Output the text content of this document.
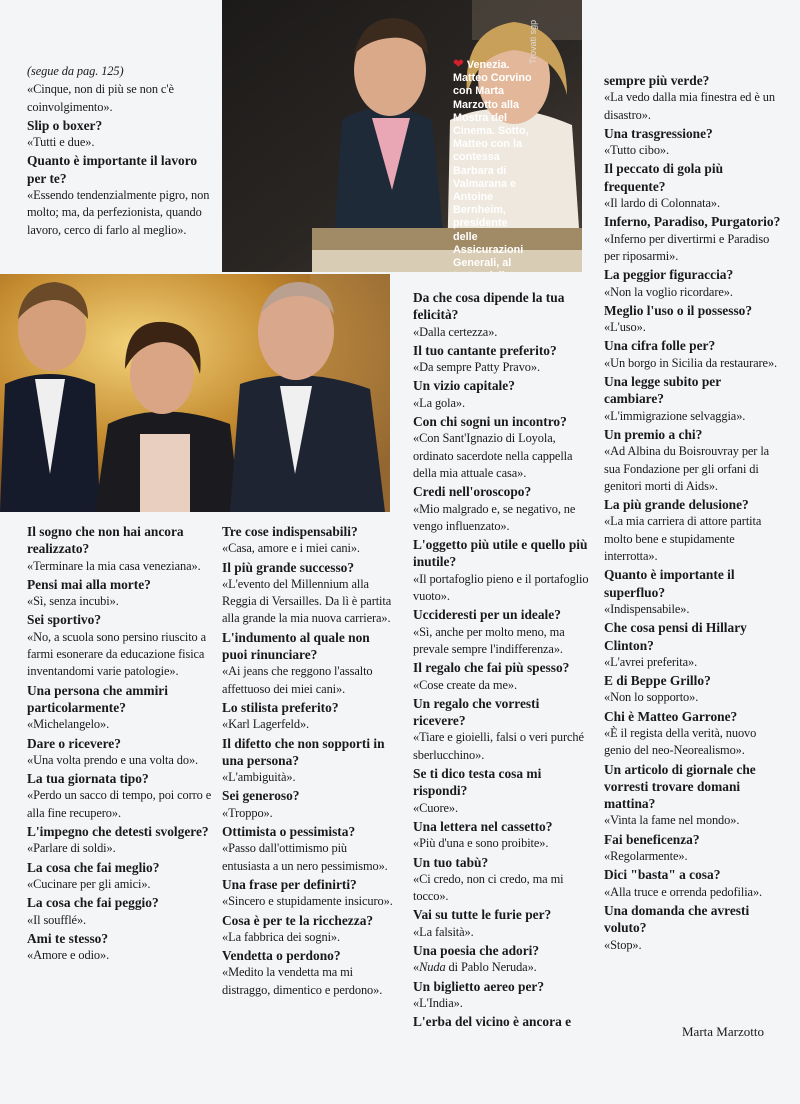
❤ Venezia. Matteo Corvino con Marta Marzotto alla Mostra del Cinema. Sotto, Matteo con la contessa Barbara di Valmarana e Antoine Bernheim, presidente delle Assicurazioni Generali, al
Trovati sgp
(segue da pag. 125)

«Cinque, non di più se non c'è coinvolgimento».

Slip o boxer?

«Tutti e due».

Quanto è importante il lavoro per te?

«Essendo tendenzialmente pigro, non molto; ma, da perfezionista, quando lavoro, cerco di farlo al meglio».

Il sogno che non hai ancora realizzato?

«Terminare la mia casa veneziana».

Pensi mai alla morte?

«Sì, senza incubi».

Sei sportivo?

«No, a scuola sono persino riuscito a farmi esonerare da educazione fisica inventandomi varie patologie».

Una persona che ammiri particolarmente?

«Michelangelo».

Dare o ricevere?

«Una volta prendo e una volta do».

La tua giornata tipo?

«Perdo un sacco di tempo, poi corro e alla fine recupero».

L'impegno che detesti svolgere?

«Parlare di soldi».

La cosa che fai meglio?

«Cucinare per gli amici».

La cosa che fai peggio?

«Il soufflé».

Ami te stesso?

«Amore e odio».

Tre cose indispensabili?

«Casa, amore e i miei cani».

Il più grande successo?

«L'evento del Millennium alla Reggia di Versailles. Da lì è partita alla grande la mia nuova carriera».

L'indumento al quale non puoi rinunciare?

«Ai jeans che reggono l'assalto affettuoso dei miei cani».

Lo stilista preferito?

«Karl Lagerfeld».

Il difetto che non sopporti in una persona?

«L'ambiguità».

Sei generoso?

«Troppo».

Ottimista o pessimista?

«Passo dall'ottimismo più entusiasta a un nero pessimismo».

Una frase per definirti?

«Sincero e stupidamente insicuro».

Cosa è per te la ricchezza?

«La fabbrica dei sogni».

Vendetta o perdono?

«Medito la vendetta ma mi distraggo, dimentico e perdono».

Da che cosa dipende la tua felicità?

«Dalla certezza».

Il tuo cantante preferito?

«Da sempre Patty Pravo».

Un vizio capitale?

«La gola».

Con chi sogni un incontro?

«Con Sant'Ignazio di Loyola, ordinato sacerdote nella cappella della mia attuale casa».

Credi nell'oroscopo?

«Mio malgrado e, se negativo, ne vengo influenzato».

L'oggetto più utile e quello più inutile?

«Il portafoglio pieno e il portafoglio vuoto».

Uccideresti per un ideale?

«Sì, anche per molto meno, ma prevale sempre l'indifferenza».

Il regalo che fai più spesso?

«Cose create da me».

Un regalo che vorresti ricevere?

«Tiare e gioielli, falsi o veri purché sberlucchino».

Se ti dico testa cosa mi rispondi?

«Cuore».

Una lettera nel cassetto?

«Più d'una e sono proibite».

Un tuo tabù?

«Ci credo, non ci credo, ma mi tocco».

Vai su tutte le furie per?

«La falsità».

Una poesia che adori?

«Nuda di Pablo Neruda».

Un biglietto aereo per?

«L'India».

L'erba del vicino è ancora e

sempre più verde?

«La vedo dalla mia finestra ed è un disastro».

Una trasgressione?

«Tutto cibo».

Il peccato di gola più frequente?

«Il lardo di Colonnata».

Inferno, Paradiso, Purgatorio?

«Inferno per divertirmi e Paradiso per riposarmi».

La peggior figuraccia?

«Non la voglio ricordare».

Meglio l'uso o il possesso?

«L'uso».

Una cifra folle per?

«Un borgo in Sicilia da restaurare».

Una legge subito per cambiare?

«L'immigrazione selvaggia».

Un premio a chi?

«Ad Albina du Boisrouvray per la sua Fondazione per gli orfani di genitori morti di Aids».

La più grande delusione?

«La mia carriera di attore partita molto bene e stupidamente interrotta».

Quanto è importante il superfluo?

«Indispensabile».

Che cosa pensi di Hillary Clinton?

«L'avrei preferita».

E di Beppe Grillo?

«Non lo sopporto».

Chi è Matteo Garrone?

«È il regista della verità, nuovo genio del neo-Neorealismo».

Un articolo di giornale che vorresti trovare domani mattina?

«Vinta la fame nel mondo».

Fai beneficenza?

«Regolarmente».

Dici "basta" a cosa?

«Alla truce e orrenda pedofilia».

Una domanda che avresti voluto?

«Stop».

Marta Marzotto
